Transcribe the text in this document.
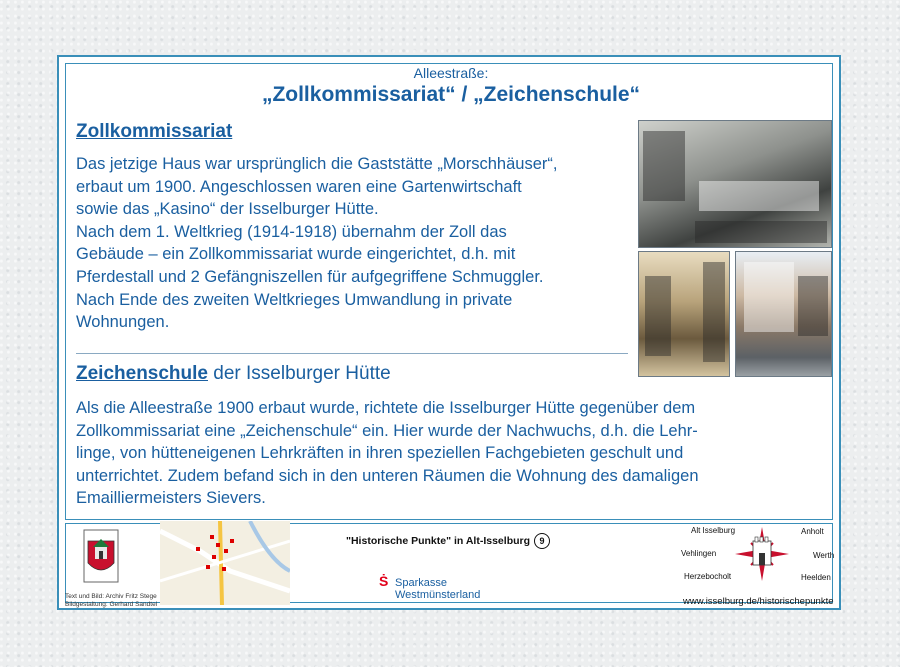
Alleestraße:
„Zollkommissariat“ / „Zeichenschule“
Zollkommissariat
Das jetzige Haus war ursprünglich die Gaststätte „Morschhäuser“,
erbaut um 1900. Angeschlossen waren eine Gartenwirtschaft
sowie das „Kasino“ der Isselburger Hütte.
Nach dem 1. Weltkrieg (1914-1918) übernahm der Zoll das
Gebäude – ein Zollkommissariat wurde eingerichtet, d.h. mit
Pferdestall und 2 Gefängniszellen für aufgegriffene Schmuggler.
Nach Ende des zweiten Weltkrieges Umwandlung in private
Wohnungen.
Zeichenschule der Isselburger Hütte
Als die Alleestraße 1900 erbaut wurde, richtete die Isselburger Hütte gegenüber dem
Zollkommissariat eine „Zeichenschule“ ein. Hier wurde der Nachwuchs, d.h. die Lehr-
linge, von hütteneigenen Lehrkräften in ihren speziellen Fachgebieten geschult und
unterrichtet. Zudem befand sich in den unteren Räumen die Wohnung des damaligen
Emailliermeisters Sievers.
Text und Bild: Archiv Fritz Stege
Bildgestaltung: Gerhard Sandtel
"Historische Punkte" in Alt-Isselburg 9
Ṡ Sparkasse
Westmünsterland
Alt Isselburg	Anholt
Vehlingen	Werth
Herzebocholt	Heelden
www.isselburg.de/historischepunkte
